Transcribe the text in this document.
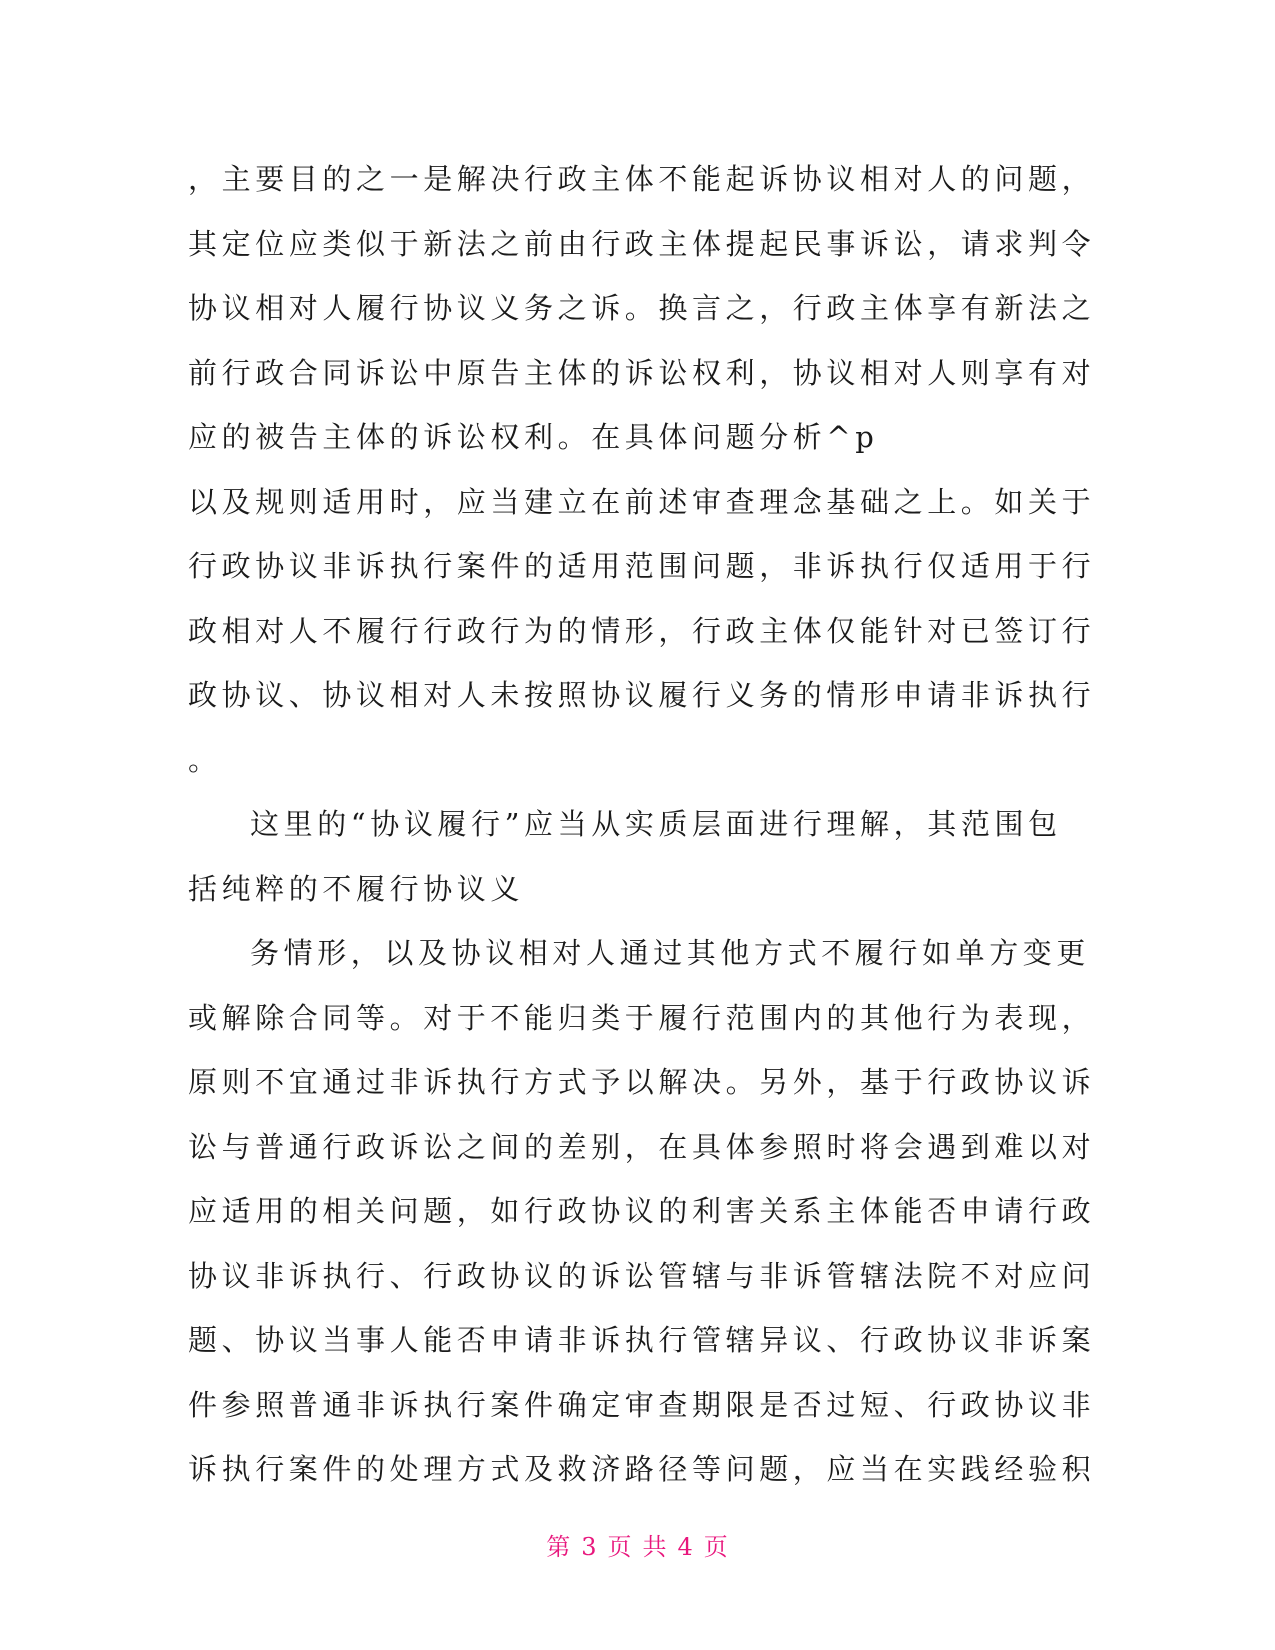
，主要目的之一是解决行政主体不能起诉协议相对人的问题，
其定位应类似于新法之前由行政主体提起民事诉讼，请求判令
协议相对人履行协议义务之诉。换言之，行政主体享有新法之
前行政合同诉讼中原告主体的诉讼权利，协议相对人则享有对
应的被告主体的诉讼权利。在具体问题分析^p
以及规则适用时，应当建立在前述审查理念基础之上。如关于
行政协议非诉执行案件的适用范围问题，非诉执行仅适用于行
政相对人不履行行政行为的情形，行政主体仅能针对已签订行
政协议、协议相对人未按照协议履行义务的情形申请非诉执行
。
这里的“协议履行”应当从实质层面进行理解，其范围包
括纯粹的不履行协议义
务情形，以及协议相对人通过其他方式不履行如单方变更
或解除合同等。对于不能归类于履行范围内的其他行为表现，
原则不宜通过非诉执行方式予以解决。另外，基于行政协议诉
讼与普通行政诉讼之间的差别，在具体参照时将会遇到难以对
应适用的相关问题，如行政协议的利害关系主体能否申请行政
协议非诉执行、行政协议的诉讼管辖与非诉管辖法院不对应问
题、协议当事人能否申请非诉执行管辖异议、行政协议非诉案
件参照普通非诉执行案件确定审查期限是否过短、行政协议非
诉执行案件的处理方式及救济路径等问题，应当在实践经验积
第 3 页 共 4 页
